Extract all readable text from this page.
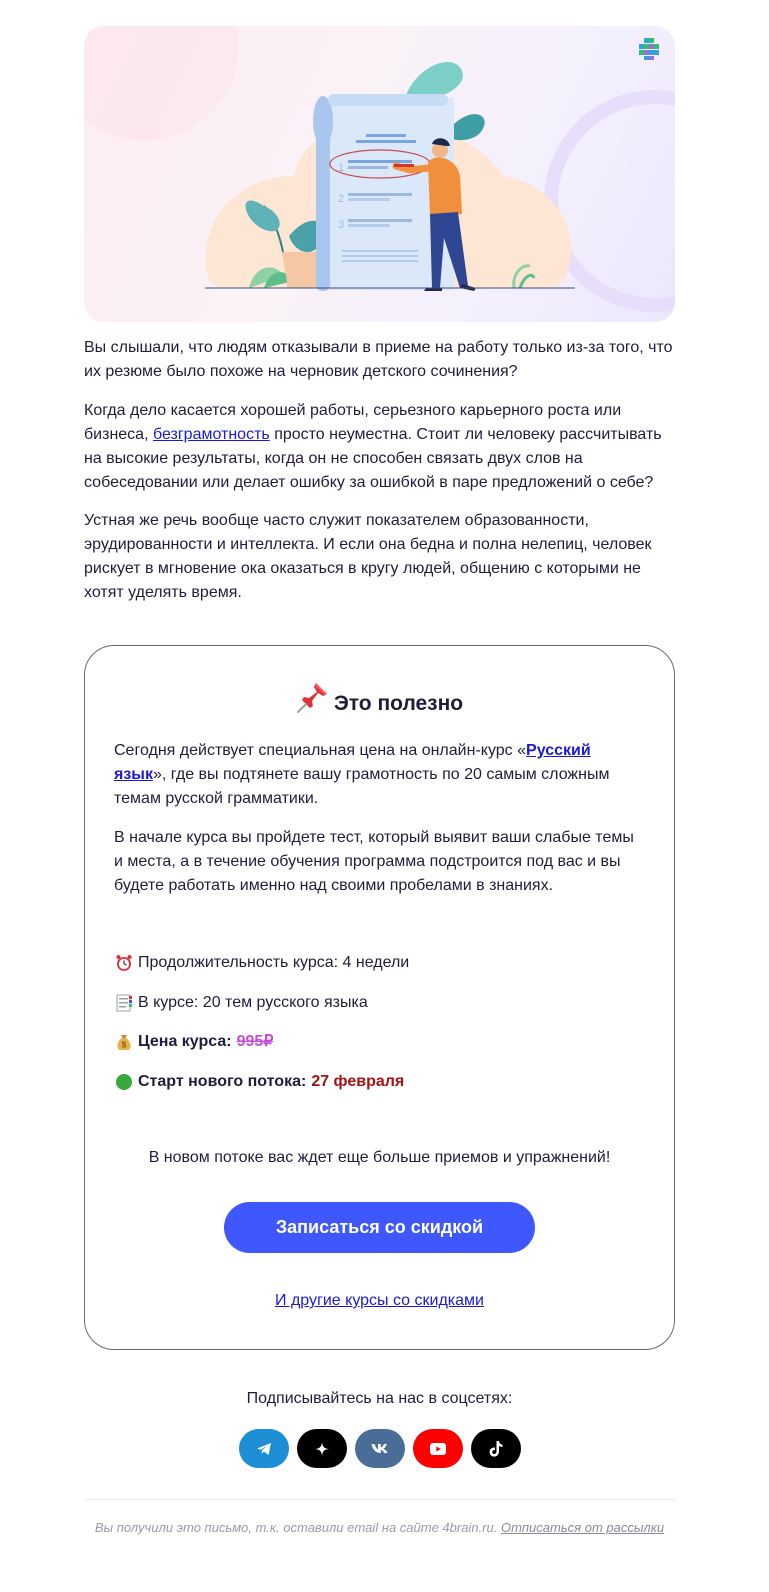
1
2
3

Вы слышали, что людям отказывали в приеме на работу только из-за того, что их резюме было похоже на черновик детского сочинения?

Когда дело касается хорошей работы, серьезного карьерного роста или бизнеса, безграмотность просто неуместна. Стоит ли человеку рассчитывать на высокие результаты, когда он не способен связать двух слов на собеседовании или делает ошибку за ошибкой в паре предложений о себе?

Устная же речь вообще часто служит показателем образованности, эрудированности и интеллекта. И если она бедна и полна нелепиц, человек рискует в мгновение ока оказаться в кругу людей, общению с которыми не хотят уделять время.

Это полезно

Сегодня действует специальная цена на онлайн-курс «Русский язык», где вы подтянете вашу грамотность по 20 самым сложным темам русской грамматики.

В начале курса вы пройдете тест, который выявит ваши слабые темы и места, а в течение обучения программа подстроится под вас и вы будете работать именно над своими пробелами в знаниях.

Продолжительность курса: 4 недели
В курсе: 20 тем русского языка
$ Цена курса: 995₽
Старт нового потока: 27 февраля
В новом потоке вас ждет еще больше приемов и упражнений!
Записаться со скидкой
И другие курсы со скидками
Подписывайтесь на нас в соцсетях:
Вы получили это письмо, т.к. оставили email на сайте 4brain.ru. Отписаться от рассылки
